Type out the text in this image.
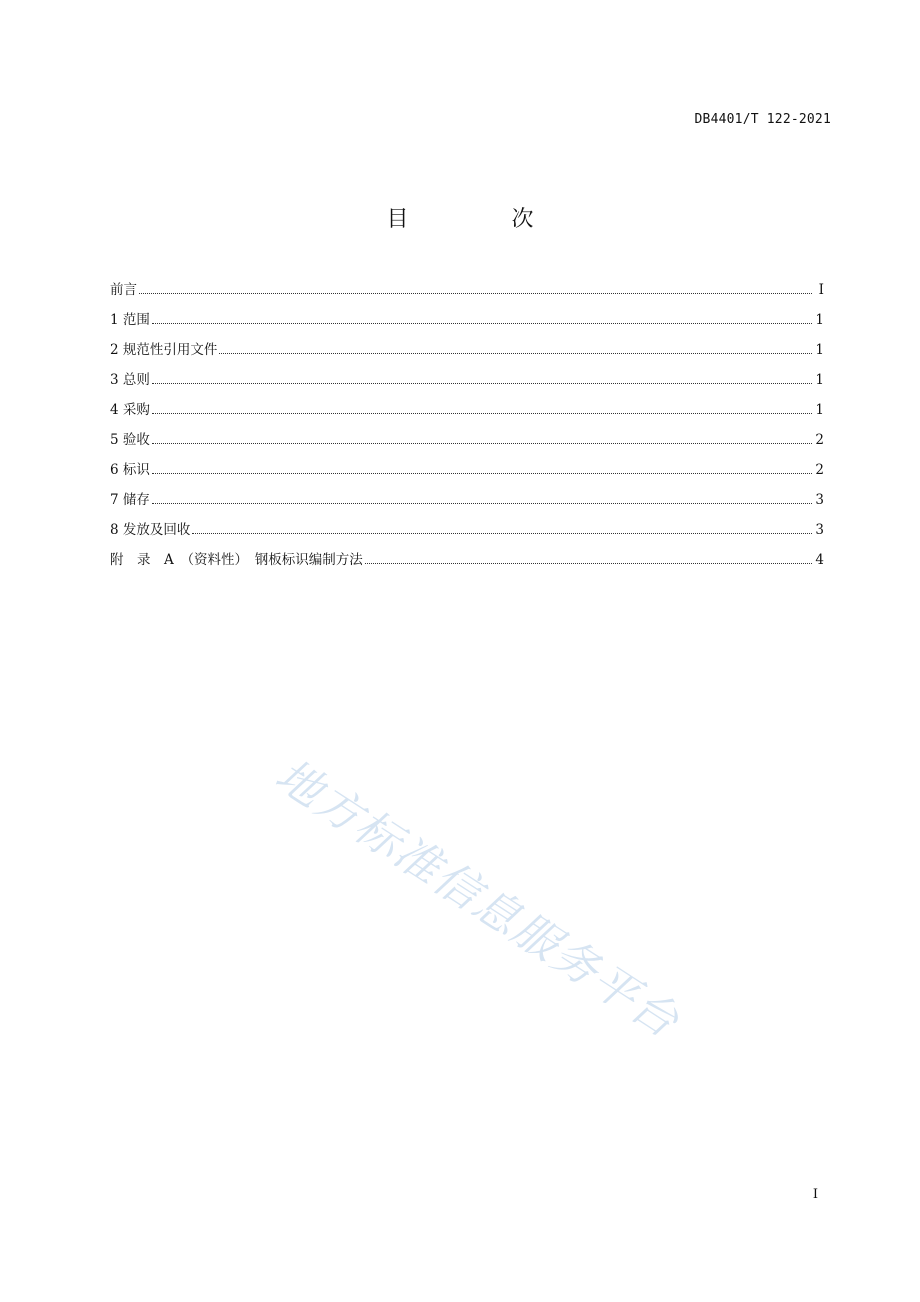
DB4401/T 122-2021
目 次
前言	I
1 范围	1
2 规范性引用文件	1
3 总则	1
4 采购	1
5 验收	2
6 标识	2
7 储存	3
8 发放及回收	3
附　录　A　（资料性）　钢板标识编制方法	4
地方标准信息服务平台
I
